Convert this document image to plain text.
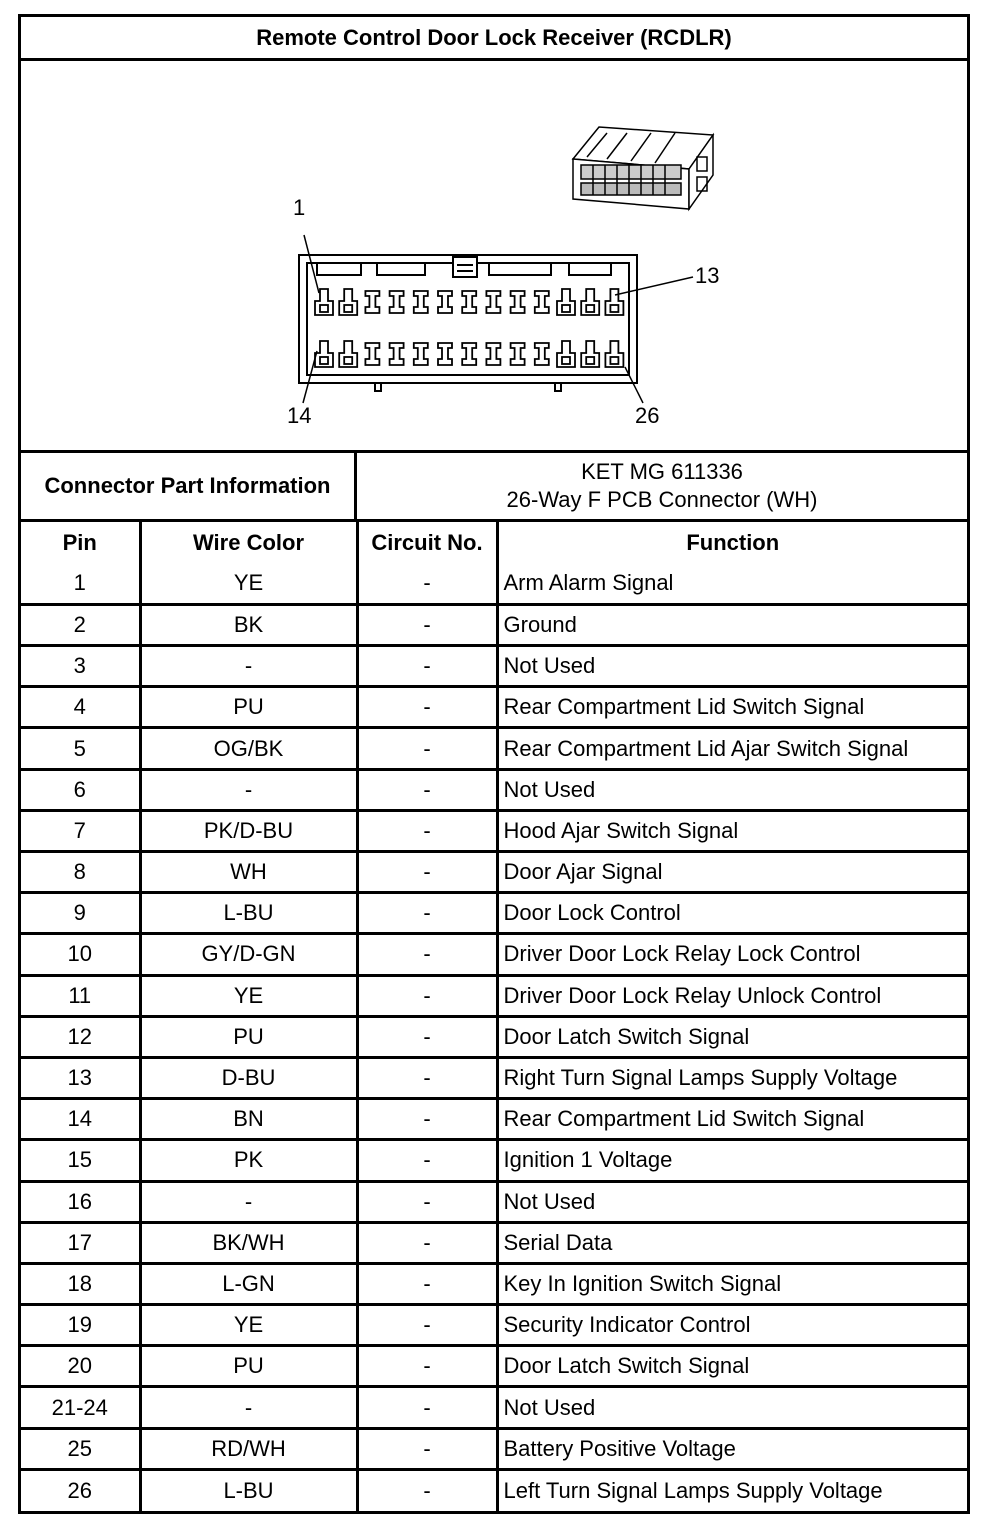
Remote Control Door Lock Receiver (RCDLR)
1
13
14	26
Connector Part Information
KET MG 611336
26-Way F PCB Connector (WH)
Pin	Wire Color	Circuit No.	Function
1	YE	-	Arm Alarm Signal
2	BK	-	Ground
3	-	-	Not Used
4	PU	-	Rear Compartment Lid Switch Signal
5	OG/BK	-	Rear Compartment Lid Ajar Switch Signal
6	-	-	Not Used
7	PK/D-BU	-	Hood Ajar Switch Signal
8	WH	-	Door Ajar Signal
9	L-BU	-	Door Lock Control
10	GY/D-GN	-	Driver Door Lock Relay Lock Control
11	YE	-	Driver Door Lock Relay Unlock Control
12	PU	-	Door Latch Switch Signal
13	D-BU	-	Right Turn Signal Lamps Supply Voltage
14	BN	-	Rear Compartment Lid Switch Signal
15	PK	-	Ignition 1 Voltage
16	-	-	Not Used
17	BK/WH	-	Serial Data
18	L-GN	-	Key In Ignition Switch Signal
19	YE	-	Security Indicator Control
20	PU	-	Door Latch Switch Signal
21-24	-	-	Not Used
25	RD/WH	-	Battery Positive Voltage
26	L-BU	-	Left Turn Signal Lamps Supply Voltage
